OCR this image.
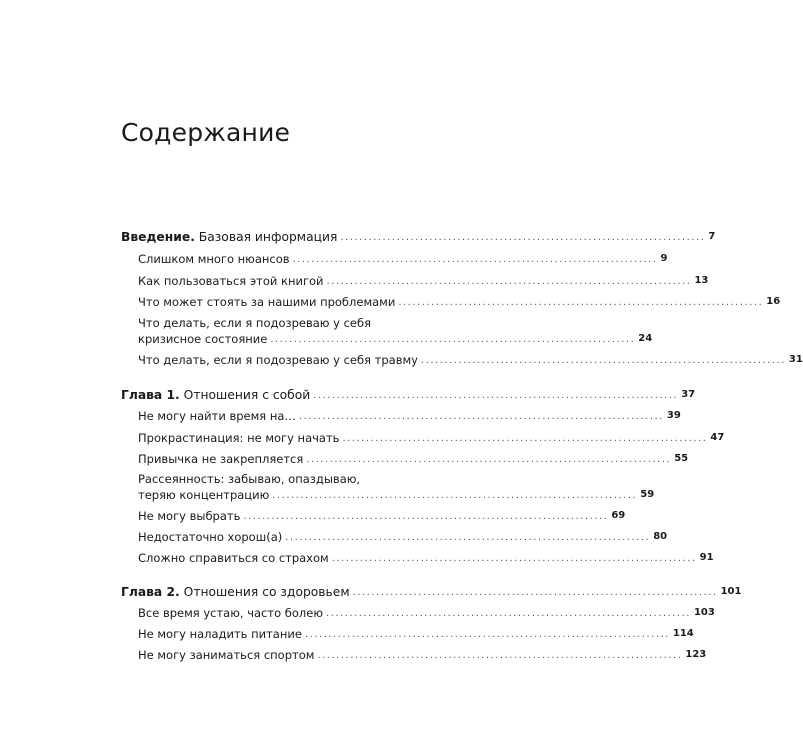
Содержание
Введение. Базовая информация .............................................................................. 7
Слишком много нюансов .............................................................................. 9
Как пользоваться этой книгой .............................................................................. 13
Что может стоять за нашими проблемами .............................................................................. 16
Что делать, если я подозреваю у себя
кризисное состояние .............................................................................. 24
Что делать, если я подозреваю у себя травму .............................................................................. 31
Глава 1. Отношения с собой .............................................................................. 37
Не могу найти время на… .............................................................................. 39
Прокрастинация: не могу начать .............................................................................. 47
Привычка не закрепляется .............................................................................. 55
Рассеянность: забываю, опаздываю,
теряю концентрацию .............................................................................. 59
Не могу выбрать .............................................................................. 69
Недостаточно хорош(а) .............................................................................. 80
Сложно справиться со страхом .............................................................................. 91
Глава 2. Отношения со здоровьем .............................................................................. 101
Все время устаю, часто болею .............................................................................. 103
Не могу наладить питание .............................................................................. 114
Не могу заниматься спортом .............................................................................. 123
